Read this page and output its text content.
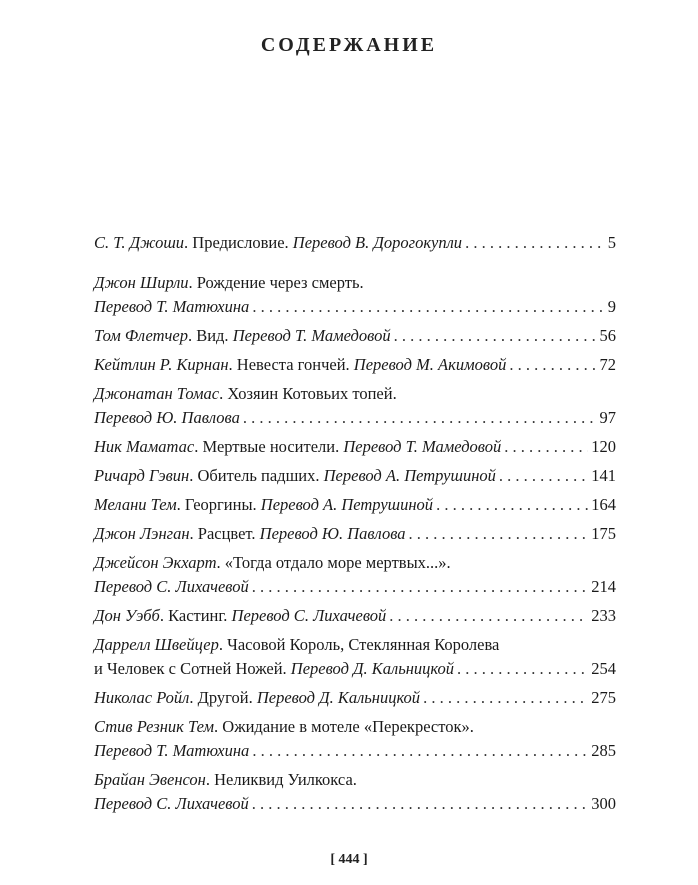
СОДЕРЖАНИЕ
С. Т. Джоши. Предисловие. Перевод В. Дорогокупли . . .	5
Джон Ширли. Рождение через смерть.
Перевод Т. Матюхина . . .	9
Том Флетчер. Вид. Перевод Т. Мамедовой . . .	56
Кейтлин Р. Кирнан. Невеста гончей. Перевод М. Акимовой . . .	72
Джонатан Томас. Хозяин Котовьих топей.
Перевод Ю. Павлова . . .	97
Ник Маматас. Мертвые носители. Перевод Т. Мамедовой . . .	120
Ричард Гэвин. Обитель падших. Перевод А. Петрушиной . . .	141
Мелани Тем. Георгины. Перевод А. Петрушиной . . .	164
Джон Лэнган. Расцвет. Перевод Ю. Павлова . . .	175
Джейсон Экхарт. «Тогда отдало море мертвых...».
Перевод С. Лихачевой . . .	214
Дон Уэбб. Кастинг. Перевод С. Лихачевой . . .	233
Даррелл Швейцер. Часовой Король, Стеклянная Королева
и Человек с Сотней Ножей. Перевод Д. Кальницкой . . .	254
Николас Ройл. Другой. Перевод Д. Кальницкой . . .	275
Стив Резник Тем. Ожидание в мотеле «Перекресток».
Перевод Т. Матюхина . . .	285
Брайан Эвенсон. Неликвид Уилкокса.
Перевод С. Лихачевой . . .	300
[ 444 ]
